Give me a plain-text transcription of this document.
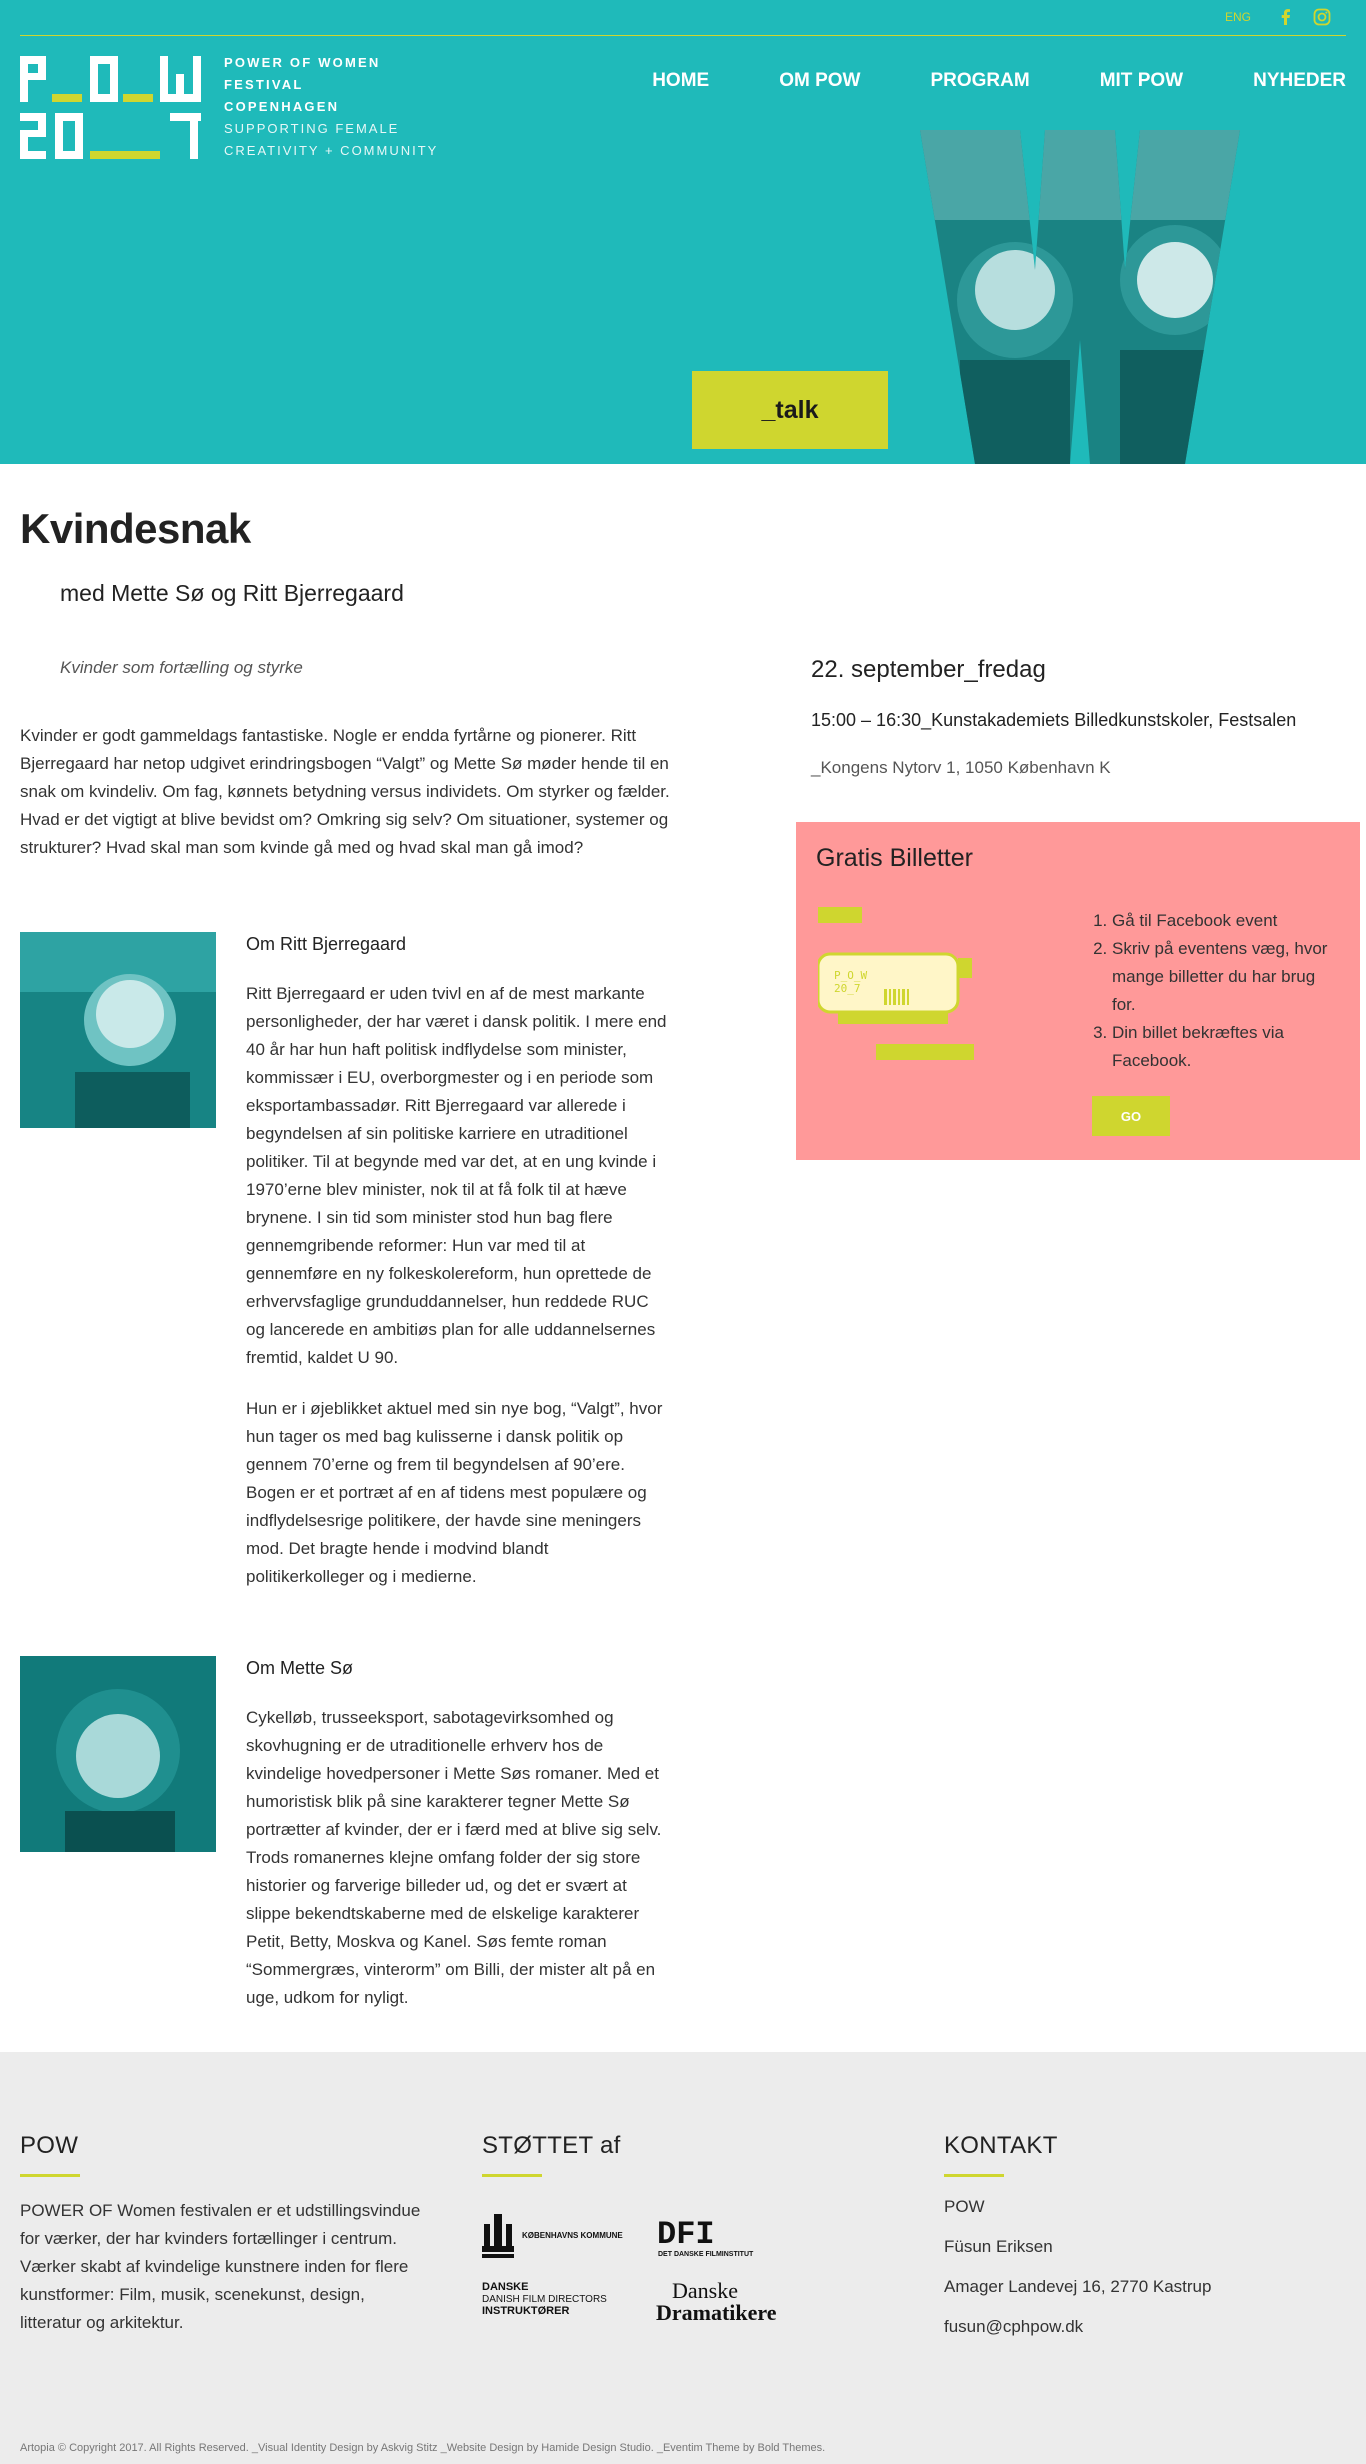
ENG
POWER OF WOMEN
FESTIVAL
COPENHAGEN
SUPPORTING FEMALE
CREATIVITY + COMMUNITY
HOME	OM POW	PROGRAM	MIT POW	NYHEDER
_talk
Kvindesnak
med Mette Sø og Ritt Bjerregaard
Kvinder som fortælling og styrke

Kvinder er godt gammeldags fantastiske. Nogle er endda fyrtårne og pionerer. Ritt Bjerregaard har netop udgivet erindringsbogen “Valgt” og Mette Sø møder hende til en snak om kvindeliv. Om fag, kønnets betydning versus individets. Om styrker og fælder. Hvad er det vigtigt at blive bevidst om? Omkring sig selv? Om situationer, systemer og strukturer? Hvad skal man som kvinde gå med og hvad skal man gå imod?

Om Ritt Bjerregaard

Ritt Bjerregaard er uden tvivl en af de mest markante personligheder, der har været i dansk politik. I mere end 40 år har hun haft politisk indflydelse som minister, kommissær i EU, overborgmester og i en periode som eksportambassadør. Ritt Bjerregaard var allerede i begyndelsen af sin politiske karriere en utraditionel politiker. Til at begynde med var det, at en ung kvinde i 1970’erne blev minister, nok til at få folk til at hæve brynene. I sin tid som minister stod hun bag flere gennemgribende reformer: Hun var med til at gennemføre en ny folkeskolereform, hun oprettede de erhvervsfaglige grunduddannelser, hun reddede RUC og lancerede en ambitiøs plan for alle uddannelsernes fremtid, kaldet U 90.

Hun er i øjeblikket aktuel med sin nye bog, “Valgt”, hvor hun tager os med bag kulisserne i dansk politik op gennem 70’erne og frem til begyndelsen af 90’ere. Bogen er et portræt af en af tidens mest populære og indflydelsesrige politikere, der havde sine meningers mod. Det bragte hende i modvind blandt politikerkolleger og i medierne.

Om Mette Sø

Cykelløb, trusseeksport, sabotagevirksomhed og skovhugning er de utraditionelle erhverv hos de kvindelige hovedpersoner i Mette Søs romaner. Med et humoristisk blik på sine karakterer tegner Mette Sø portrætter af kvinder, der er i færd med at blive sig selv. Trods romanernes klejne omfang folder der sig store historier og farverige billeder ud, og det er svært at slippe bekendtskaberne med de elskelige karakterer Petit, Betty, Moskva og Kanel. Søs femte roman “Sommergræs, vinterorm” om Billi, der mister alt på en uge, udkom for nyligt.

22. september_fredag
15:00 – 16:30_Kunstakademiets Billedkunstskoler, Festsalen
_Kongens Nytorv 1, 1050 København K
Gratis Billetter
P_O_W
20_7
1. Gå til Facebook event
2. Skriv på eventens væg, hvor mange billetter du har brug for.
3. Din billet bekræftes via Facebook.
GO
POW

POWER OF Women festivalen er et udstillingsvindue for værker, der har kvinders fortællinger i centrum. Værker skabt af kvindelige kunstnere inden for flere kunstformer: Film, musik, scenekunst, design, litteratur og arkitektur.

STØTTET af
KØBENHAVNS KOMMUNE DFI
DET DANSKE FILMINSTITUT
DANSKE
DANISH FILM DIRECTORS
INSTRUKTØRER
Danske
Dramatikere
KONTAKT
POW
Füsun Eriksen
Amager Landevej 16, 2770 Kastrup
fusun@cphpow.dk
Artopia © Copyright 2017. All Rights Reserved. _Visual Identity Design by Askvig Stitz _Website Design by Hamide Design Studio. _Eventim Theme by Bold Themes.
